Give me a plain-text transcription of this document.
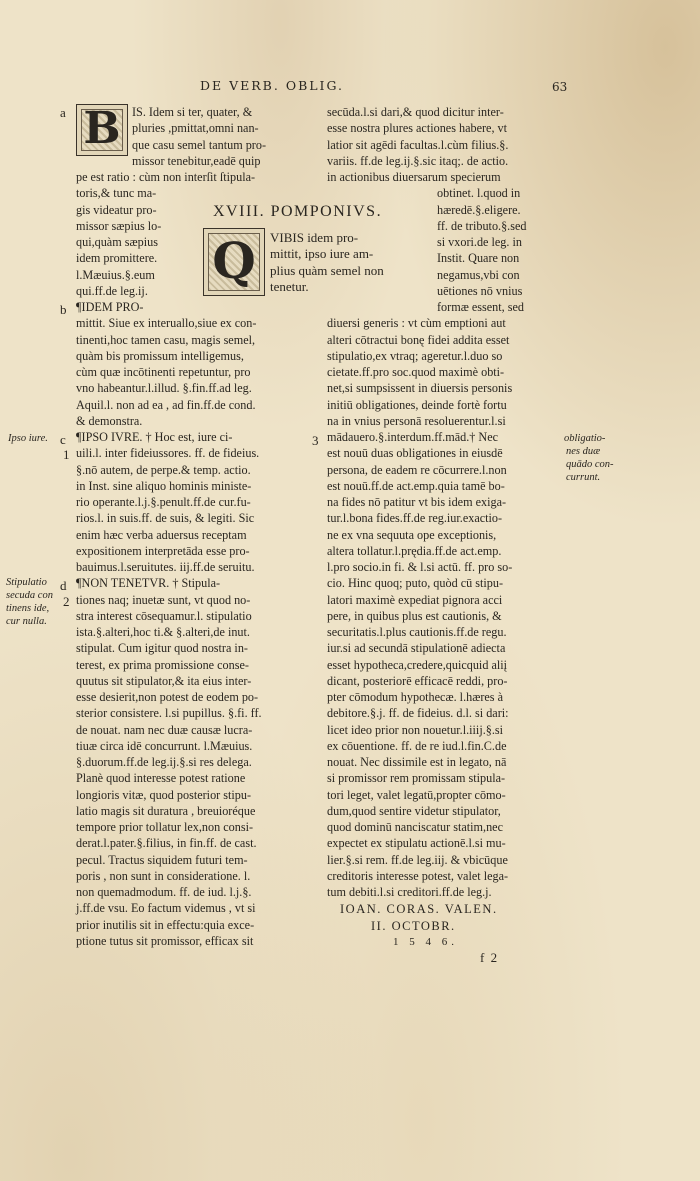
DE VERB. OBLIG.	63
a
b
c
1
d
2
Ipso iure.
Stipulatio
secuda con
tinens ide,
cur nulla.
obligatio-
nes duæ
quādo con-
currunt.
B IS. Idem si ter, quater, &
pluries ,pmittat,omni nan-
que casu semel tantum pro-
missor tenebitur,eadē quip
pe est ratio : cùm non interſit ſtipula-
toris,& tunc ma-
gis videatur pro-
missor sæpius lo-
qui,quàm sæpius
idem promittere.
l.Mæuius.§.eum
qui.ff.de leg.ij.
¶IDEM PRO-
mittit. Siue ex interuallo,siue ex con-
tinenti,hoc tamen casu, magis semel,
quàm bis promissum intelligemus,
cùm quæ incōtinenti repetuntur, pro
vno habeantur.l.illud. §.fin.ff.ad leg.
Aquil.l. non ad ea , ad fin.ff.de cond.
& demonstra.
¶IPSO IVRE. † Hoc est, iure ci-
uili.l. inter fideiussores. ff. de fideius.
§.nō autem, de perpe.& temp. actio.
in Inst. sine aliquo hominis ministe-
rio operante.l.j.§.penult.ff.de cur.fu-
rios.l. in suis.ff. de suis, & legiti. Sic
enim hæc verba aduersus receptam
expositionem interpretāda esse pro-
bauimus.l.seruitutes. iij.ff.de seruitu.
¶NON TENETVR. † Stipula-
tiones naq; inuetæ sunt, vt quod no-
stra interest cōsequamur.l. stipulatio
ista.§.alteri,hoc ti.& §.alteri,de inut.
stipulat. Cum igitur quod nostra in-
terest, ex prima promissione conse-
quutus sit stipulator,& ita eius inter-
esse desierit,non potest de eodem po-
sterior consistere. l.si pupillus. §.fi. ff.
de nouat. nam nec duæ causæ lucra-
tiuæ circa idē concurrunt. l.Mæuius.
§.duorum.ff.de leg.ij.§.si res delega.
Planè quod interesse potest ratione
longioris vitæ, quod posterior stipu-
latio magis sit duratura , breuioréque
tempore prior tollatur lex,non consi-
derat.l.pater.§.filius, in fin.ff. de cast.
pecul. Tractus siquidem futuri tem-
poris , non sunt in consideratione. l.
non quemadmodum. ff. de iud. l.j.§.
j.ff.de vsu. Eo factum videmus , vt si
prior inutilis sit in effectu:quia exce-
ptione tutus sit promissor, efficax sit
XVIII. POMPONIVS.
Q	VIBIS idem pro-
mittit, ipso iure am-
plius quàm semel non
tenetur.
3
secūda.l.si dari,& quod dicitur inter-
esse nostra plures actiones habere, vt
latior sit agēdi facultas.l.cùm filius.§.
variis. ff.de leg.ij.§.sic itaq;. de actio.
in actionibus diuersarum specierum
obtinet. l.quod in
hæredē.§.eligere.
ff. de tributo.§.sed
si vxori.de leg. in
Instit. Quare non
negamus,vbi con
uētiones nō vnius
formæ essent, sed
diuersi generis : vt cùm emptioni aut
alteri cōtractui bonę fidei addita esset
stipulatio,ex vtraq; ageretur.l.duo so
cietate.ff.pro soc.quod maximè obti-
net,si sumpsissent in diuersis personis
initiū obligationes, deinde fortè fortu
na in vnius personā resoluerentur.l.si
mādauero.§.interdum.ff.mād.† Nec
est nouū duas obligationes in eiusdē
persona, de eadem re cōcurrere.l.non
est nouū.ff.de act.emp.quia tamē bo-
na fides nō patitur vt bis idem exiga-
tur.l.bona fides.ff.de reg.iur.exactio-
ne ex vna sequuta ope exceptionis,
altera tollatur.l.prędia.ff.de act.emp.
l.pro socio.in fi. & l.si actū. ff. pro so-
cio. Hinc quoq; puto, quòd cū stipu-
latori maximè expediat pignora acci
pere, in quibus plus est cautionis, &
securitatis.l.plus cautionis.ff.de regu.
iur.si ad secundā stipulationē adiecta
esset hypotheca,credere,quicquid aliį
dicant, posteriorē efficacē reddi, pro-
pter cōmodum hypothecæ. l.hæres à
debitore.§.j. ff. de fideius. d.l. si dari:
licet ideo prior non nouetur.l.iiij.§.si
ex cōuentione. ff. de re iud.l.fin.C.de
nouat. Nec dissimile est in legato, nā
si promissor rem promissam stipula-
tori leget, valet legatū,propter cōmo-
dum,quod sentire videtur stipulator,
quod dominū nanciscatur statim,nec
expectet ex stipulatu actionē.l.si mu-
lier.§.si rem. ff.de leg.iij. & vbicūque
creditoris interesse potest, valet lega-
tum debiti.l.si creditori.ff.de leg.j.
IOAN. CORAS. VALEN.
II. OCTOBR.
1 5 4 6.
f 2
